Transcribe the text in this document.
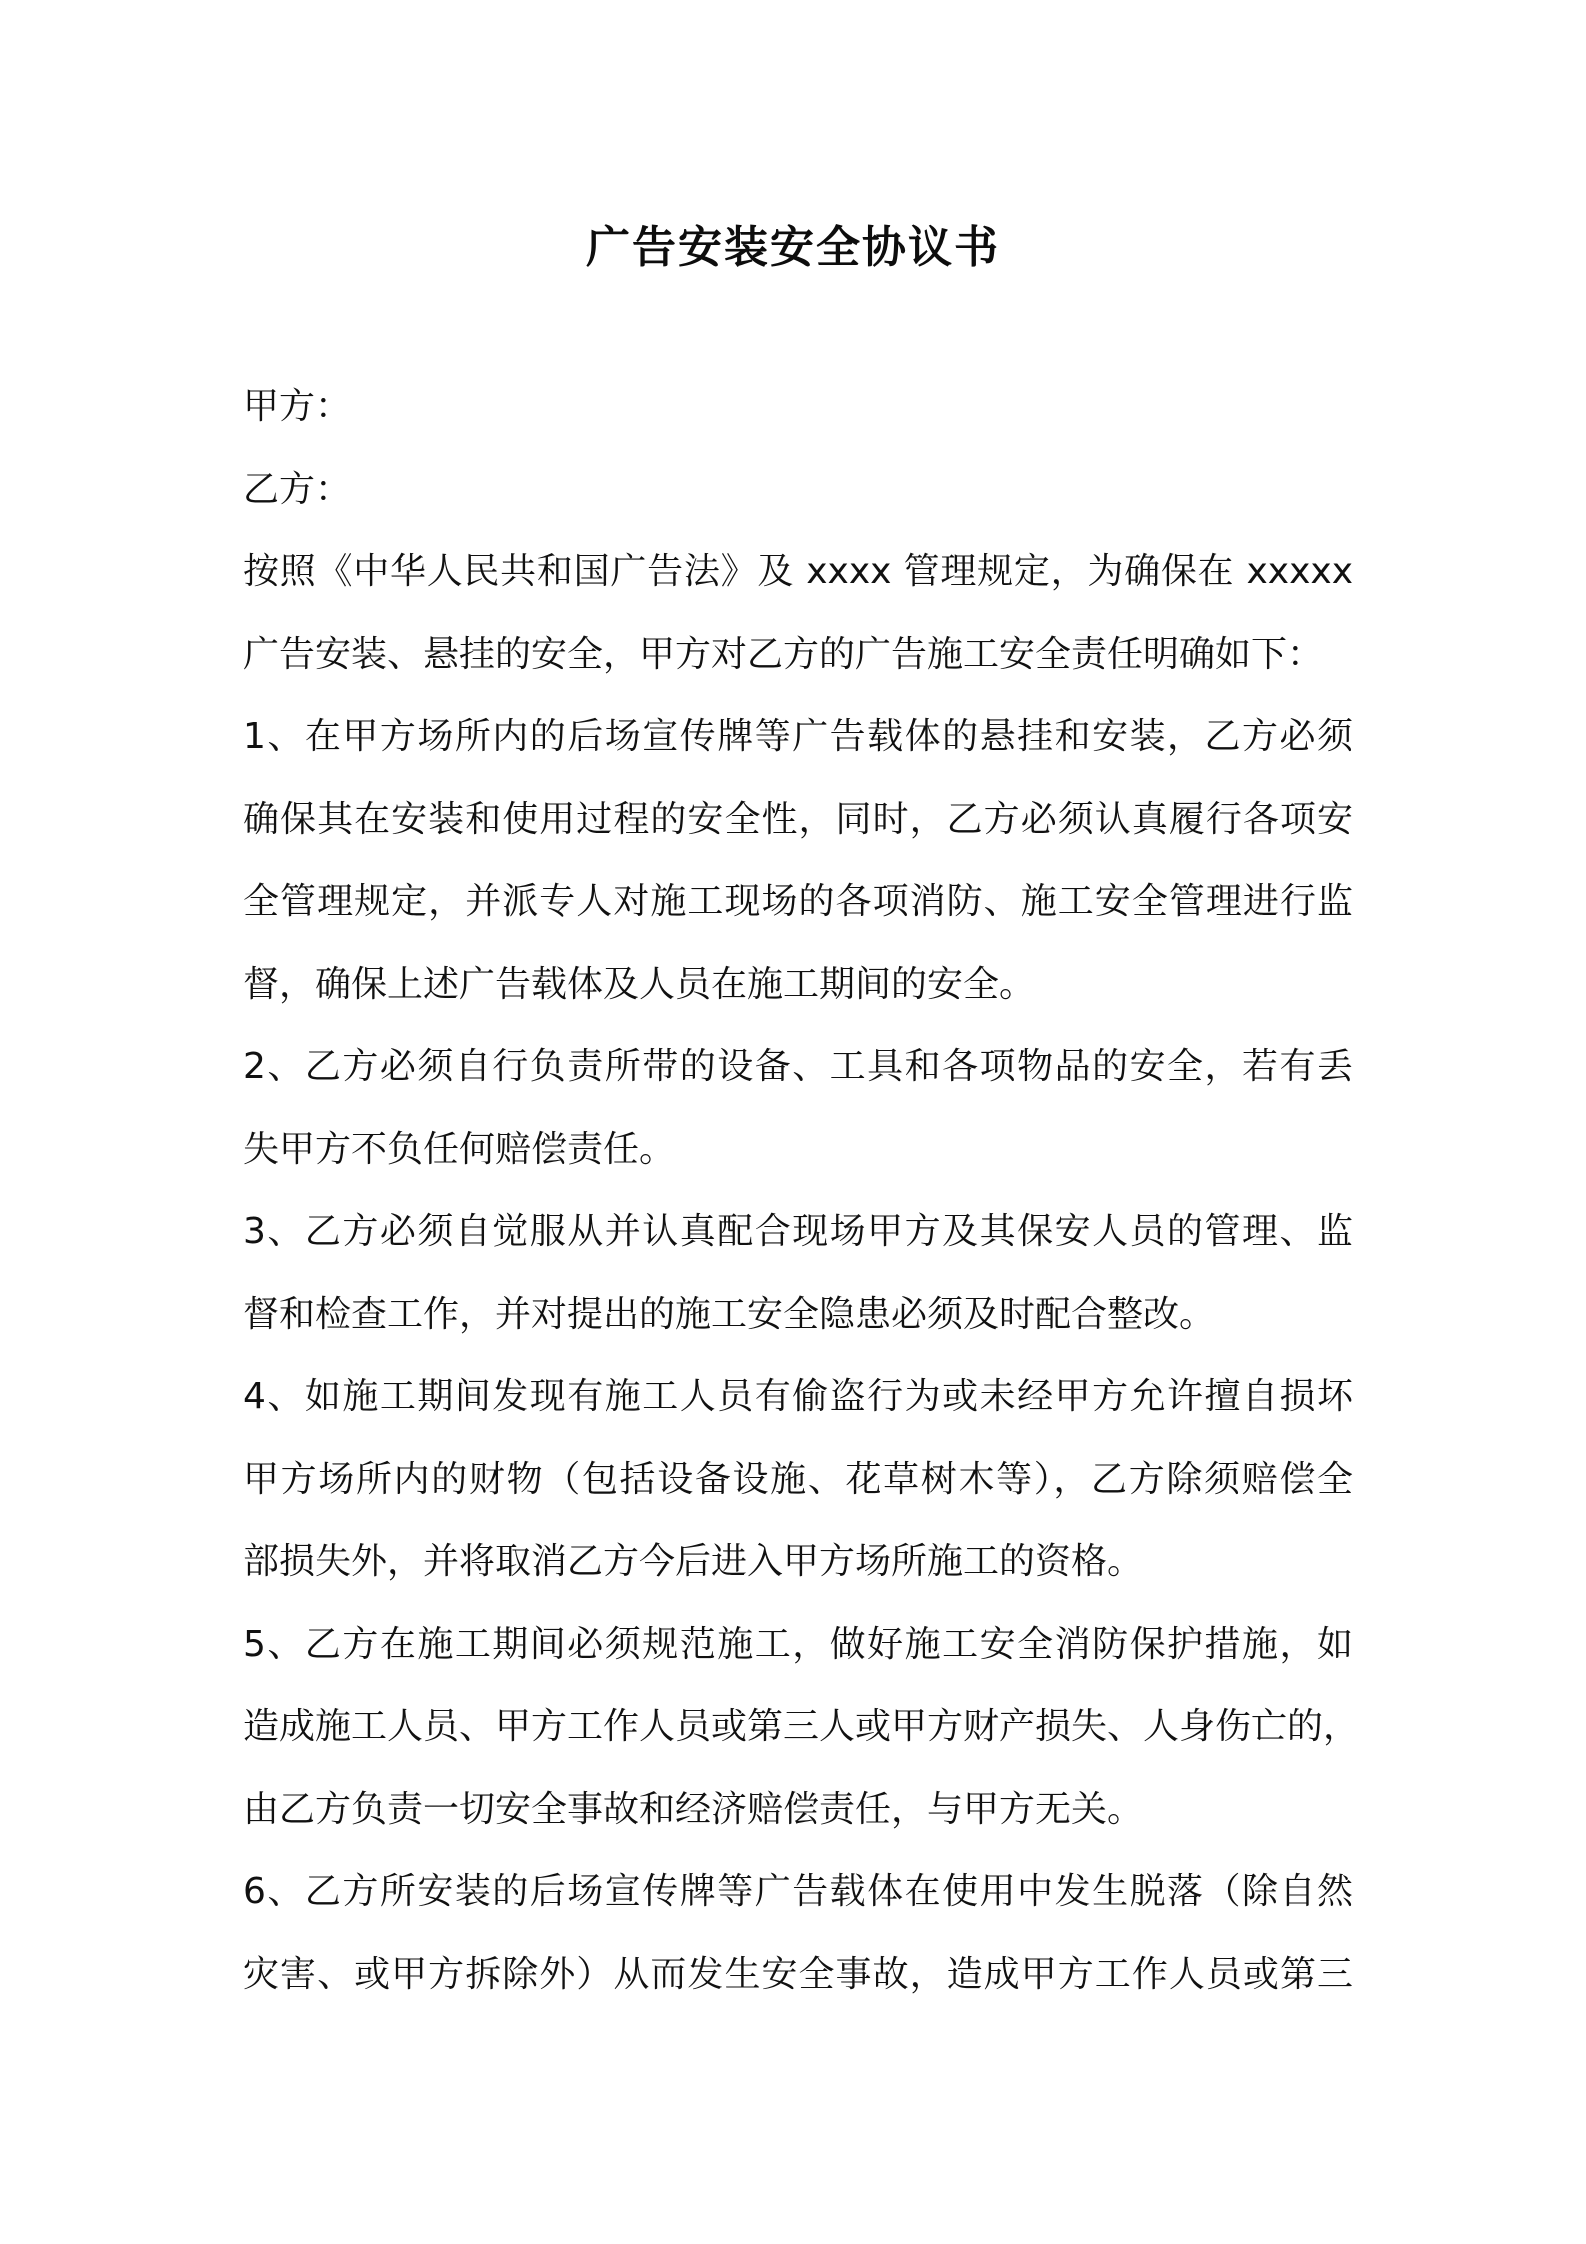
广告安装安全协议书
甲方：
乙方：
按照《中华人民共和国广告法》及 xxxx 管理规定，为确保在 xxxxx
广告安装、悬挂的安全，甲方对乙方的广告施工安全责任明确如下：
1、在甲方场所内的后场宣传牌等广告载体的悬挂和安装，乙方必须
确保其在安装和使用过程的安全性，同时，乙方必须认真履行各项安
全管理规定，并派专人对施工现场的各项消防、施工安全管理进行监
督，确保上述广告载体及人员在施工期间的安全。
2、乙方必须自行负责所带的设备、工具和各项物品的安全，若有丢
失甲方不负任何赔偿责任。
3、乙方必须自觉服从并认真配合现场甲方及其保安人员的管理、监
督和检查工作，并对提出的施工安全隐患必须及时配合整改。
4、如施工期间发现有施工人员有偷盗行为或未经甲方允许擅自损坏
甲方场所内的财物（包括设备设施、花草树木等），乙方除须赔偿全
部损失外，并将取消乙方今后进入甲方场所施工的资格。
5、乙方在施工期间必须规范施工，做好施工安全消防保护措施，如
造成施工人员、甲方工作人员或第三人或甲方财产损失、人身伤亡的，
由乙方负责一切安全事故和经济赔偿责任，与甲方无关。
6、乙方所安装的后场宣传牌等广告载体在使用中发生脱落（除自然
灾害、或甲方拆除外）从而发生安全事故，造成甲方工作人员或第三
